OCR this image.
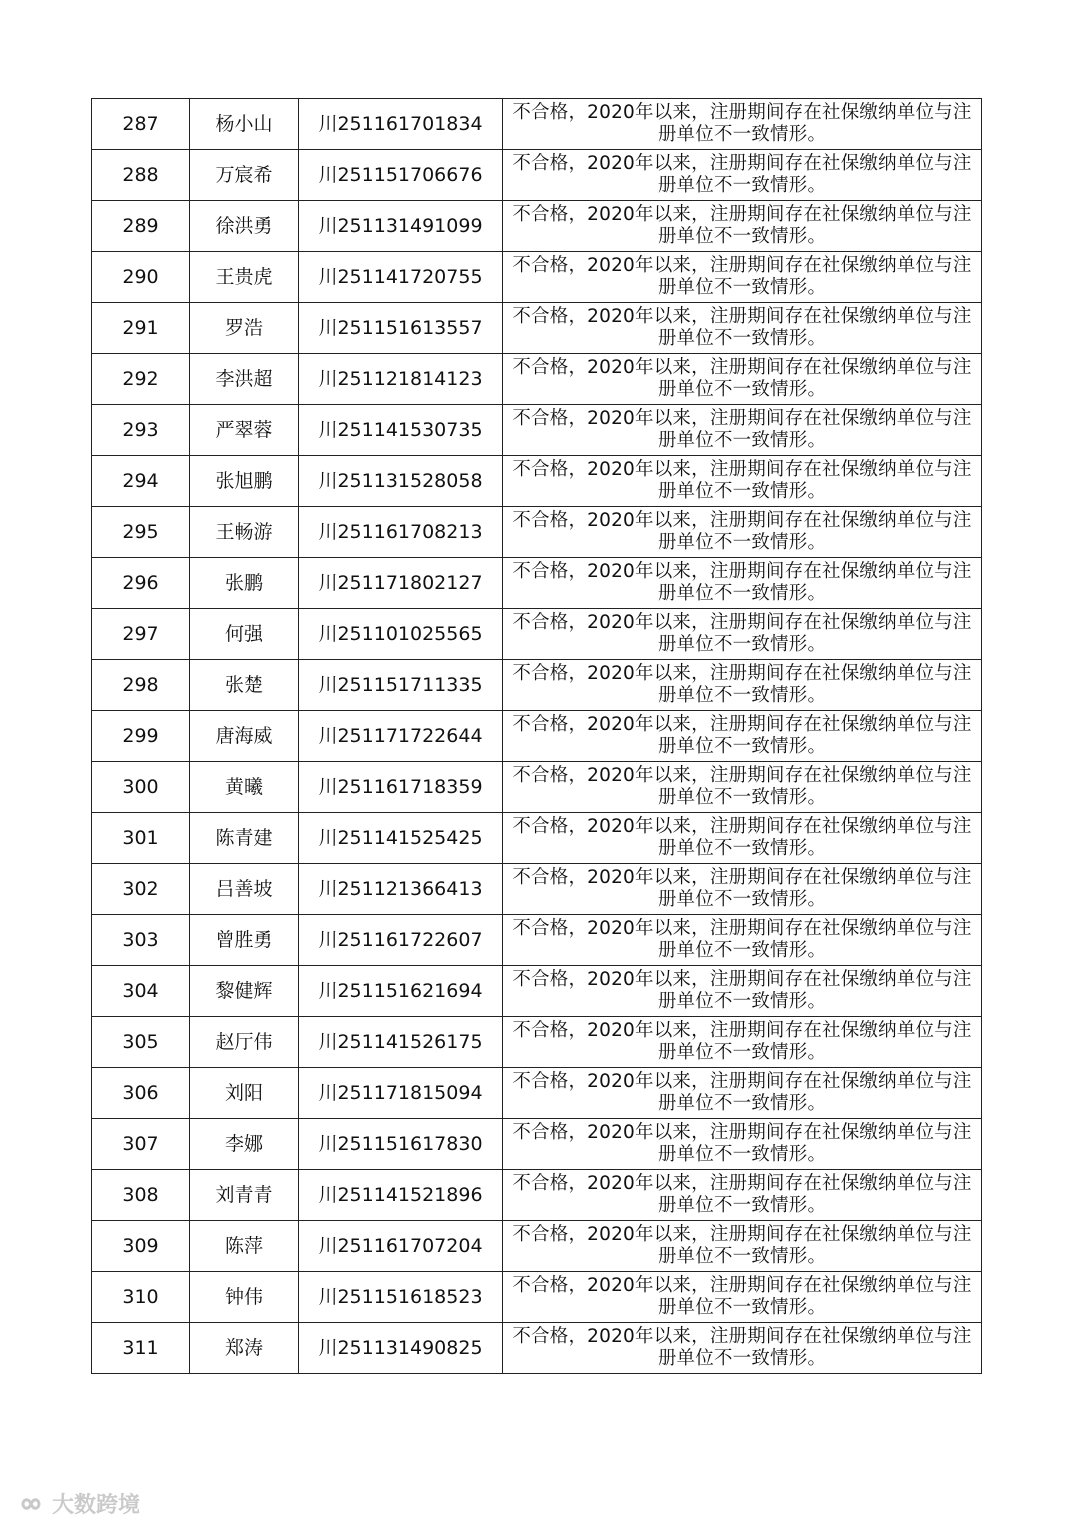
287	杨小山	川251161701834	不合格，2020年以来，注册期间存在社保缴纳单位与注册单位不一致情形。
288	万宸希	川251151706676	不合格，2020年以来，注册期间存在社保缴纳单位与注册单位不一致情形。
289	徐洪勇	川251131491099	不合格，2020年以来，注册期间存在社保缴纳单位与注册单位不一致情形。
290	王贵虎	川251141720755	不合格，2020年以来，注册期间存在社保缴纳单位与注册单位不一致情形。
291	罗浩	川251151613557	不合格，2020年以来，注册期间存在社保缴纳单位与注册单位不一致情形。
292	李洪超	川251121814123	不合格，2020年以来，注册期间存在社保缴纳单位与注册单位不一致情形。
293	严翠蓉	川251141530735	不合格，2020年以来，注册期间存在社保缴纳单位与注册单位不一致情形。
294	张旭鹏	川251131528058	不合格，2020年以来，注册期间存在社保缴纳单位与注册单位不一致情形。
295	王畅游	川251161708213	不合格，2020年以来，注册期间存在社保缴纳单位与注册单位不一致情形。
296	张鹏	川251171802127	不合格，2020年以来，注册期间存在社保缴纳单位与注册单位不一致情形。
297	何强	川251101025565	不合格，2020年以来，注册期间存在社保缴纳单位与注册单位不一致情形。
298	张楚	川251151711335	不合格，2020年以来，注册期间存在社保缴纳单位与注册单位不一致情形。
299	唐海威	川251171722644	不合格，2020年以来，注册期间存在社保缴纳单位与注册单位不一致情形。
300	黄曦	川251161718359	不合格，2020年以来，注册期间存在社保缴纳单位与注册单位不一致情形。
301	陈青建	川251141525425	不合格，2020年以来，注册期间存在社保缴纳单位与注册单位不一致情形。
302	吕善坡	川251121366413	不合格，2020年以来，注册期间存在社保缴纳单位与注册单位不一致情形。
303	曾胜勇	川251161722607	不合格，2020年以来，注册期间存在社保缴纳单位与注册单位不一致情形。
304	黎健辉	川251151621694	不合格，2020年以来，注册期间存在社保缴纳单位与注册单位不一致情形。
305	赵厅伟	川251141526175	不合格，2020年以来，注册期间存在社保缴纳单位与注册单位不一致情形。
306	刘阳	川251171815094	不合格，2020年以来，注册期间存在社保缴纳单位与注册单位不一致情形。
307	李娜	川251151617830	不合格，2020年以来，注册期间存在社保缴纳单位与注册单位不一致情形。
308	刘青青	川251141521896	不合格，2020年以来，注册期间存在社保缴纳单位与注册单位不一致情形。
309	陈萍	川251161707204	不合格，2020年以来，注册期间存在社保缴纳单位与注册单位不一致情形。
310	钟伟	川251151618523	不合格，2020年以来，注册期间存在社保缴纳单位与注册单位不一致情形。
311	郑涛	川251131490825	不合格，2020年以来，注册期间存在社保缴纳单位与注册单位不一致情形。
大数跨境
